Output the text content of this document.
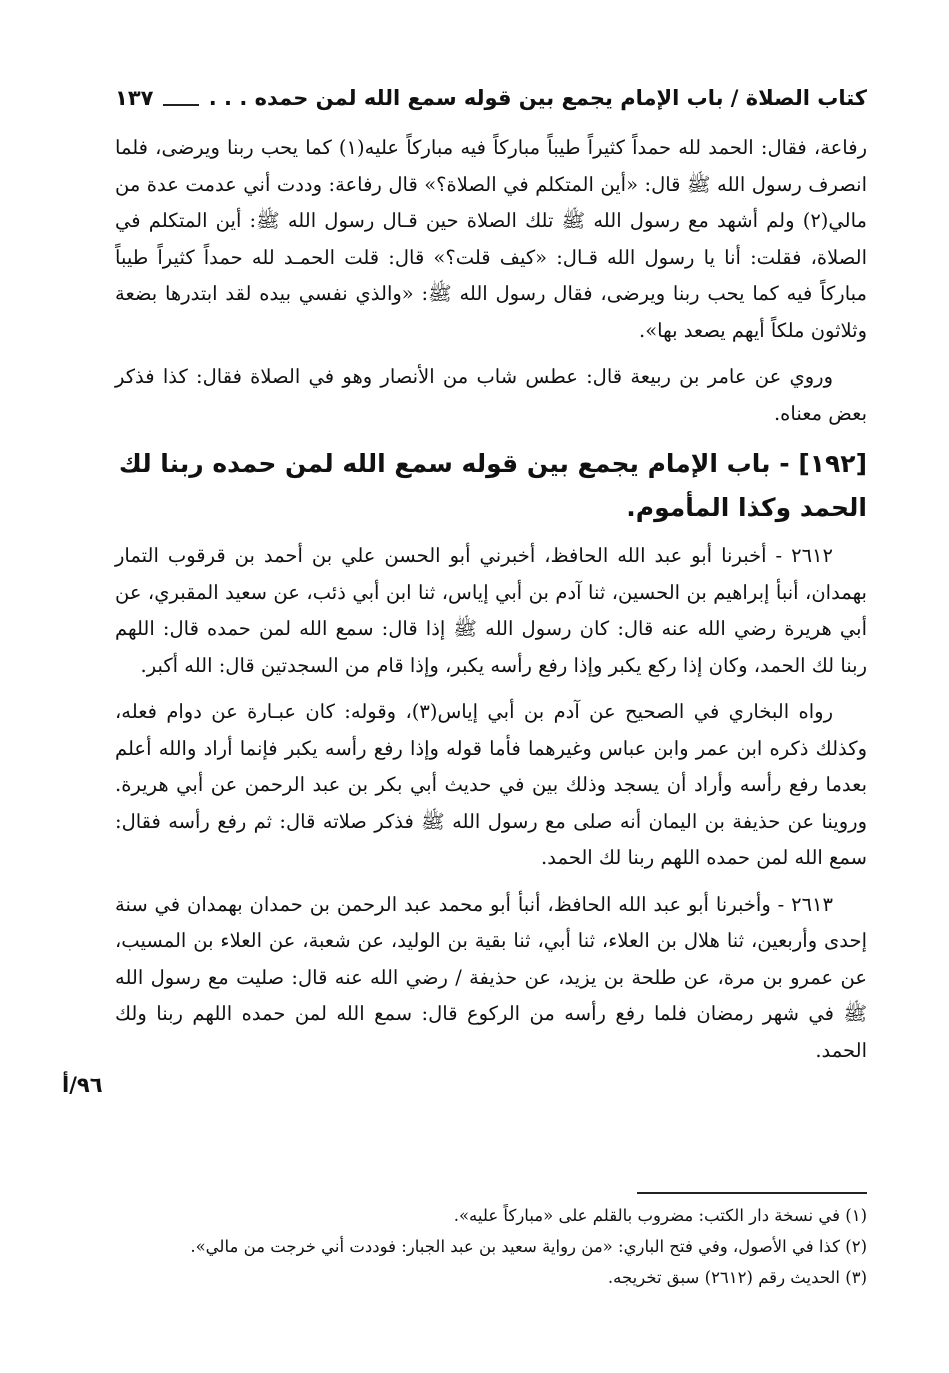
كتاب الصلاة / باب الإمام يجمع بين قوله سمع الله لمن حمده . . .
١٣٧

رفاعة، فقال: الحمد لله حمداً كثيراً طيباً مباركاً فيه مباركاً عليه(١) كما يحب ربنا ويرضى، فلما انصرف رسول الله ﷺ قال: «أين المتكلم في الصلاة؟» قال رفاعة: وددت أني عدمت عدة من مالي(٢) ولم أشهد مع رسول الله ﷺ تلك الصلاة حين قـال رسول الله ﷺ: أين المتكلم في الصلاة، فقلت: أنا يا رسول الله قـال: «كيف قلت؟» قال: قلت الحمـد لله حمداً كثيراً طيباً مباركاً فيه كما يحب ربنا ويرضى، فقال رسول الله ﷺ: «والذي نفسي بيده لقد ابتدرها بضعة وثلاثون ملكاً أيهم يصعد بها».

وروي عن عامر بن ربيعة قال: عطس شاب من الأنصار وهو في الصلاة فقال: كذا فذكر بعض معناه.

[١٩٢] - باب الإمام يجمع بين قوله سمع الله لمن حمده ربنا لك الحمد وكذا المأموم.

٢٦١٢ - أخبرنا أبو عبد الله الحافظ، أخبرني أبو الحسن علي بن أحمد بن قرقوب التمار بهمدان، أنبأ إبراهيم بن الحسين، ثنا آدم بن أبي إياس، ثنا ابن أبي ذئب، عن سعيد المقبري، عن أبي هريرة رضي الله عنه قال: كان رسول الله ﷺ إذا قال: سمع الله لمن حمده قال: اللهم ربنا لك الحمد، وكان إذا ركع يكبر وإذا رفع رأسه يكبر، وإذا قام من السجدتين قال: الله أكبر.

رواه البخاري في الصحيح عن آدم بن أبي إياس(٣)، وقوله: كان عبـارة عن دوام فعله، وكذلك ذكره ابن عمر وابن عباس وغيرهما فأما قوله وإذا رفع رأسه يكبر فإنما أراد والله أعلم بعدما رفع رأسه وأراد أن يسجد وذلك بين في حديث أبي بكر بن عبد الرحمن عن أبي هريرة. وروينا عن حذيفة بن اليمان أنه صلى مع رسول الله ﷺ فذكر صلاته قال: ثم رفع رأسه فقال: سمع الله لمن حمده اللهم ربنا لك الحمد.

٢٦١٣ - وأخبرنا أبو عبد الله الحافظ، أنبأ أبو محمد عبد الرحمن بن حمدان بهمدان في سنة إحدى وأربعين، ثنا هلال بن العلاء، ثنا أبي، ثنا بقية بن الوليد، عن شعبة، عن العلاء بن المسيب، عن عمرو بن مرة، عن طلحة بن يزيد، عن حذيفة / رضي الله عنه قال: صليت مع رسول الله ﷺ في شهر رمضان فلما رفع رأسه من الركوع قال: سمع الله لمن حمده اللهم ربنا ولك الحمد.

٩٦/أ

(١) في نسخة دار الكتب: مضروب بالقلم على «مباركاً عليه».

(٢) كذا في الأصول، وفي فتح الباري: «من رواية سعيد بن عبد الجبار: فوددت أني خرجت من مالي».

(٣) الحديث رقم (٢٦١٢) سبق تخريجه.
